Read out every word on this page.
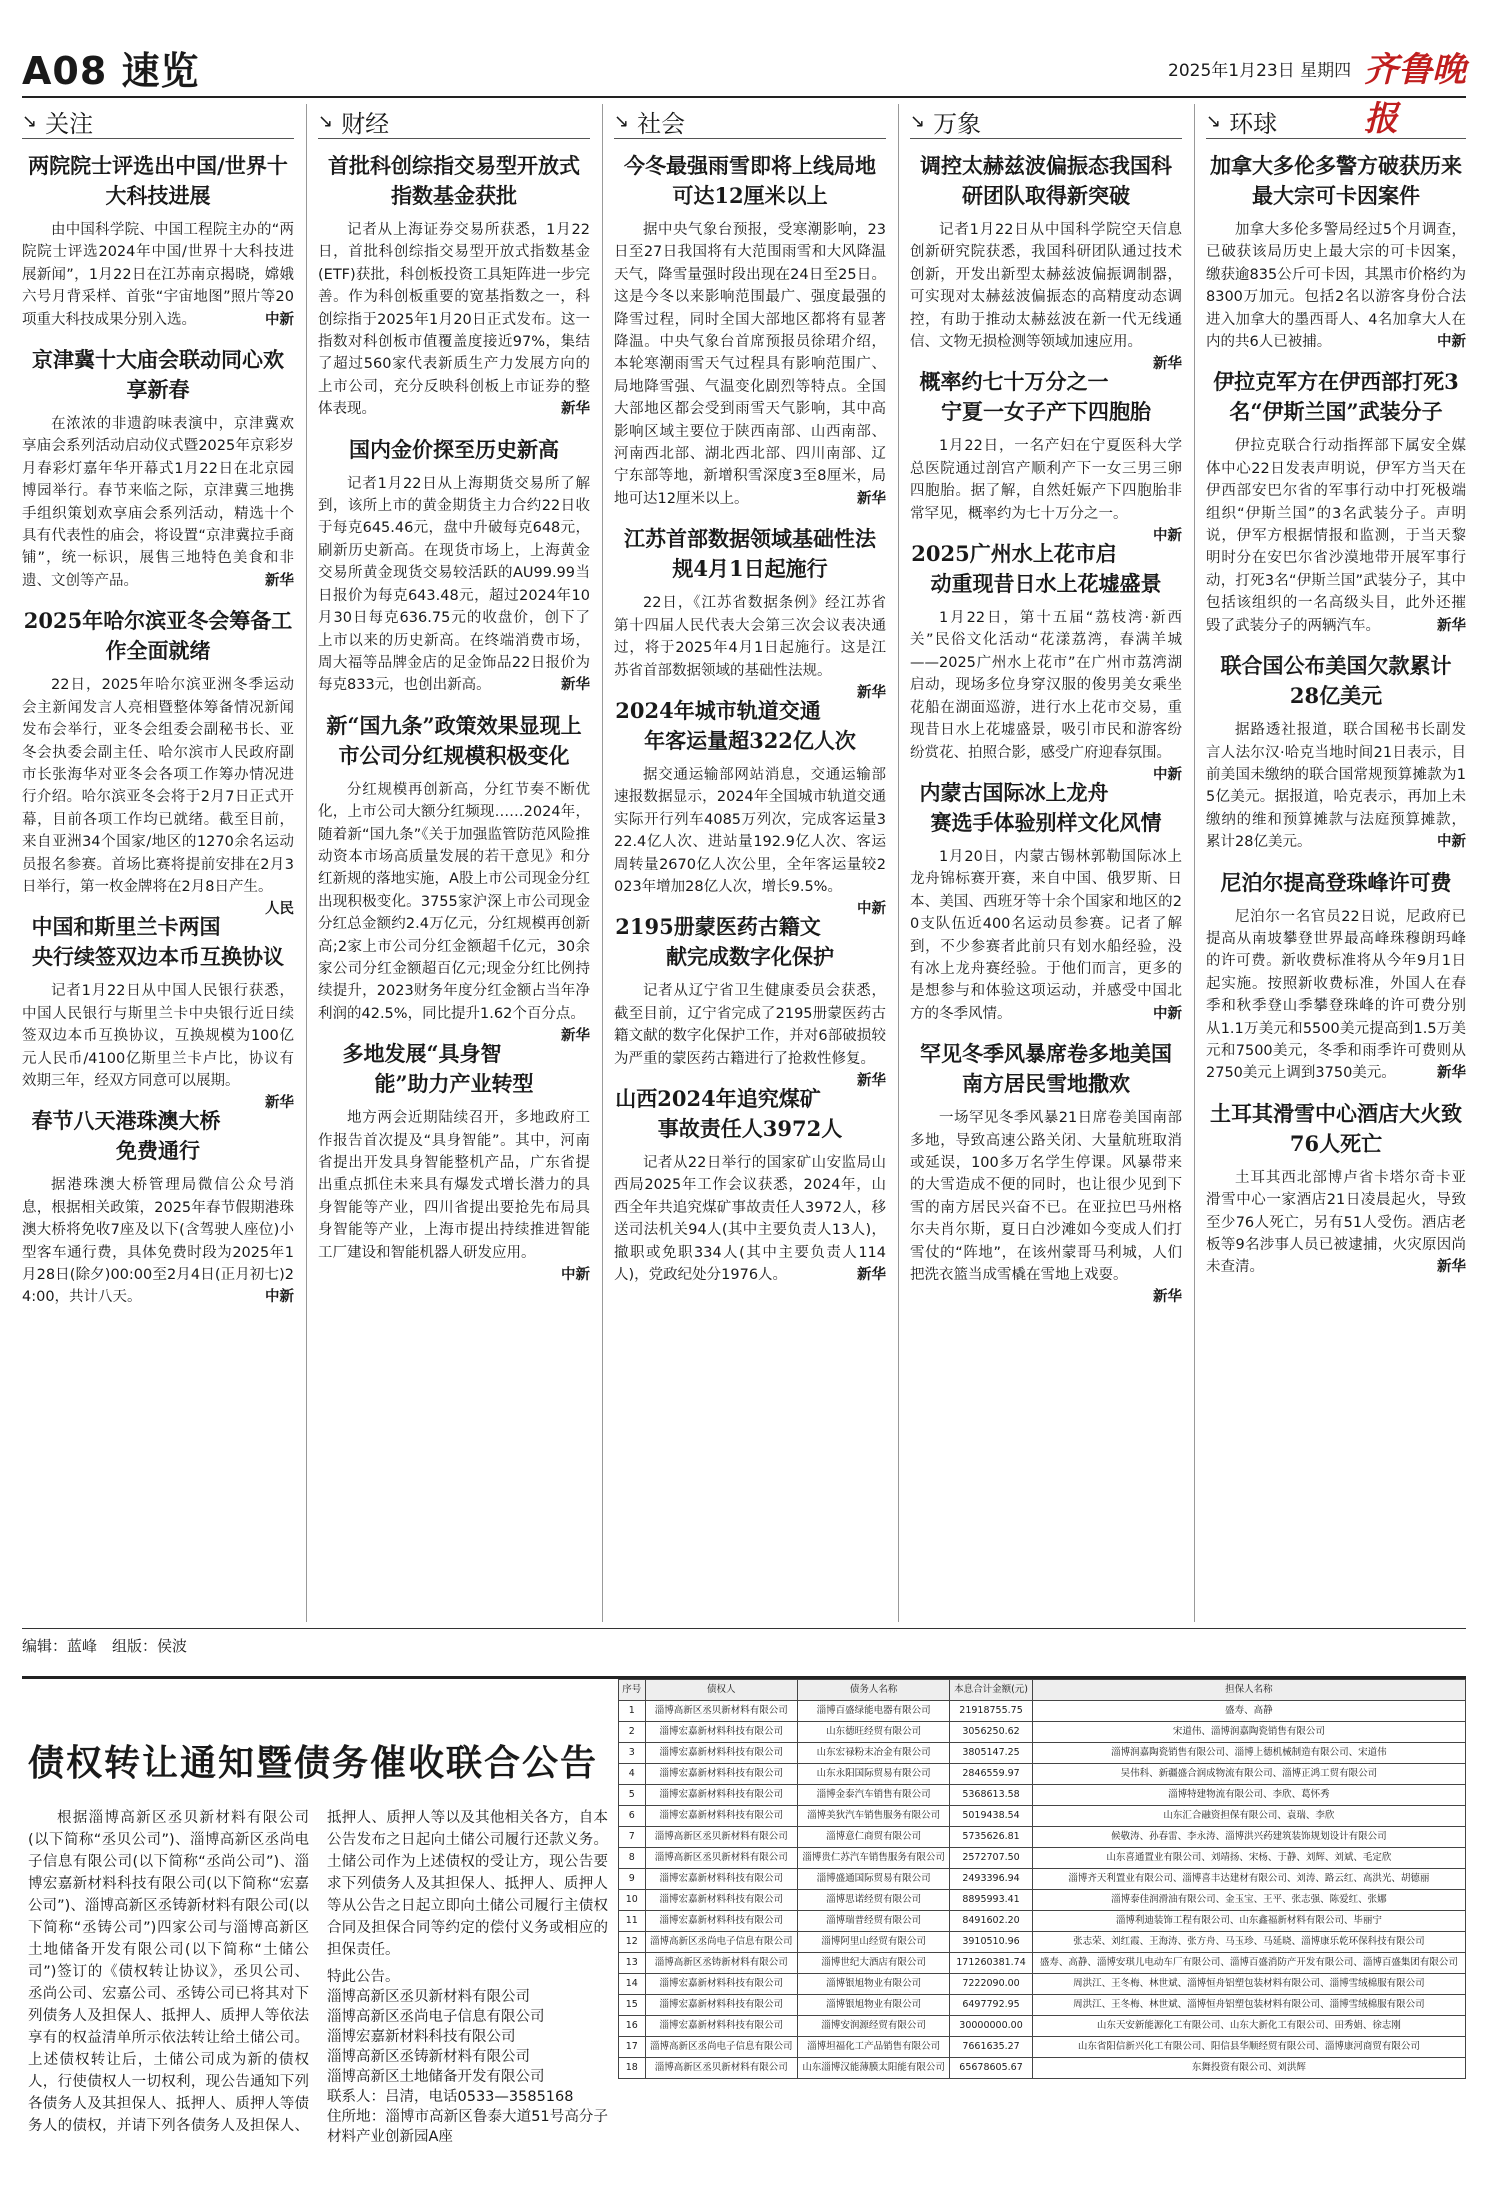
A08 速览	2025年1月23日 星期四 齐鲁晚报
↘ 关注
两院院士评选出中国/世界十大科技进展

由中国科学院、中国工程院主办的“两院院士评选2024年中国/世界十大科技进展新闻”，1月22日在江苏南京揭晓，嫦娥六号月背采样、首张“宇宙地图”照片等20项重大科技成果分别入选。	中新

京津冀十大庙会联动同心欢享新春

在浓浓的非遗韵味表演中，京津冀欢享庙会系列活动启动仪式暨2025年京彩岁月春彩灯嘉年华开幕式1月22日在北京园博园举行。春节来临之际，京津冀三地携手组织策划欢享庙会系列活动，精选十个具有代表性的庙会，将设置“京津冀拉手商铺”，统一标识，展售三地特色美食和非遗、文创等产品。	新华

2025年哈尔滨亚冬会筹备工作全面就绪

22日，2025年哈尔滨亚洲冬季运动会主新闻发言人亮相暨整体筹备情况新闻发布会举行，亚冬会组委会副秘书长、亚冬会执委会副主任、哈尔滨市人民政府副市长张海华对亚冬会各项工作筹办情况进行介绍。哈尔滨亚冬会将于2月7日正式开幕，目前各项工作均已就绪。截至目前，来自亚洲34个国家/地区的1270余名运动员报名参赛。首场比赛将提前安排在2月3日举行，第一枚金牌将在2月8日产生。
人民

中国和斯里兰卡两国央行续签双边本币互换协议

记者1月22日从中国人民银行获悉，中国人民银行与斯里兰卡中央银行近日续签双边本币互换协议，互换规模为100亿元人民币/4100亿斯里兰卡卢比，协议有效期三年，经双方同意可以展期。
新华

春节八天港珠澳大桥免费通行

据港珠澳大桥管理局微信公众号消息，根据相关政策，2025年春节假期港珠澳大桥将免收7座及以下(含驾驶人座位)小型客车通行费，具体免费时段为2025年1月28日(除夕)00:00至2月4日(正月初七)24:00，共计八天。	中新

↘ 财经
首批科创综指交易型开放式指数基金获批

记者从上海证券交易所获悉，1月22日，首批科创综指交易型开放式指数基金(ETF)获批，科创板投资工具矩阵进一步完善。作为科创板重要的宽基指数之一，科创综指于2025年1月20日正式发布。这一指数对科创板市值覆盖度接近97%，集结了超过560家代表新质生产力发展方向的上市公司，充分反映科创板上市证券的整体表现。	新华

国内金价探至历史新高

记者1月22日从上海期货交易所了解到，该所上市的黄金期货主力合约22日收于每克645.46元，盘中升破每克648元，刷新历史新高。在现货市场上，上海黄金交易所黄金现货交易较活跃的AU99.99当日报价为每克643.48元，超过2024年10月30日每克636.75元的收盘价，创下了上市以来的历史新高。在终端消费市场，周大福等品牌金店的足金饰品22日报价为每克833元，也创出新高。	新华

新“国九条”政策效果显现上市公司分红规模积极变化

分红规模再创新高，分红节奏不断优化，上市公司大额分红频现……2024年，随着新“国九条”《关于加强监管防范风险推动资本市场高质量发展的若干意见》和分红新规的落地实施，A股上市公司现金分红出现积极变化。3755家沪深上市公司现金分红总金额约2.4万亿元，分红规模再创新高;2家上市公司分红金额超千亿元，30余家公司分红金额超百亿元;现金分红比例持续提升，2023财务年度分红金额占当年净利润的42.5%，同比提升1.62个百分点。
新华

多地发展“具身智能”助力产业转型

地方两会近期陆续召开，多地政府工作报告首次提及“具身智能”。其中，河南省提出开发具身智能整机产品，广东省提出重点抓住未来具有爆发式增长潜力的具身智能等产业，四川省提出要抢先布局具身智能等产业，上海市提出持续推进智能工厂建设和智能机器人研发应用。
中新

↘ 社会
今冬最强雨雪即将上线局地可达12厘米以上

据中央气象台预报，受寒潮影响，23日至27日我国将有大范围雨雪和大风降温天气，降雪量强时段出现在24日至25日。这是今冬以来影响范围最广、强度最强的降雪过程，同时全国大部地区都将有显著降温。中央气象台首席预报员徐珺介绍，本轮寒潮雨雪天气过程具有影响范围广、局地降雪强、气温变化剧烈等特点。全国大部地区都会受到雨雪天气影响，其中高影响区域主要位于陕西南部、山西南部、河南西北部、湖北西北部、四川南部、辽宁东部等地，新增积雪深度3至8厘米，局地可达12厘米以上。	新华

江苏首部数据领域基础性法规4月1日起施行

22日，《江苏省数据条例》经江苏省第十四届人民代表大会第三次会议表决通过，将于2025年4月1日起施行。这是江苏省首部数据领域的基础性法规。
新华

2024年城市轨道交通年客运量超322亿人次

据交通运输部网站消息，交通运输部速报数据显示，2024年全国城市轨道交通实际开行列车4085万列次，完成客运量322.4亿人次、进站量192.9亿人次、客运周转量2670亿人次公里，全年客运量较2023年增加28亿人次，增长9.5%。
中新

2195册蒙医药古籍文献完成数字化保护

记者从辽宁省卫生健康委员会获悉，截至目前，辽宁省完成了2195册蒙医药古籍文献的数字化保护工作，并对6部破损较为严重的蒙医药古籍进行了抢救性修复。
新华

山西2024年追究煤矿事故责任人3972人

记者从22日举行的国家矿山安监局山西局2025年工作会议获悉，2024年，山西全年共追究煤矿事故责任人3972人，移送司法机关94人(其中主要负责人13人)，撤职或免职334人(其中主要负责人114人)，党政纪处分1976人。	新华

↘ 万象
调控太赫兹波偏振态我国科研团队取得新突破

记者1月22日从中国科学院空天信息创新研究院获悉，我国科研团队通过技术创新，开发出新型太赫兹波偏振调制器，可实现对太赫兹波偏振态的高精度动态调控，有助于推动太赫兹波在新一代无线通信、文物无损检测等领域加速应用。
新华

概率约七十万分之一宁夏一女子产下四胞胎

1月22日，一名产妇在宁夏医科大学总医院通过剖宫产顺利产下一女三男三卵四胞胎。据了解，自然妊娠产下四胞胎非常罕见，概率约为七十万分之一。
中新

2025广州水上花市启动重现昔日水上花墟盛景

1月22日，第十五届“荔枝湾·新西关”民俗文化活动“花漾荔湾，春满羊城——2025广州水上花市”在广州市荔湾湖启动，现场多位身穿汉服的俊男美女乘坐花船在湖面巡游，进行水上花市交易，重现昔日水上花墟盛景，吸引市民和游客纷纷赏花、拍照合影，感受广府迎春氛围。
中新

内蒙古国际冰上龙舟赛选手体验别样文化风情

1月20日，内蒙古锡林郭勒国际冰上龙舟锦标赛开赛，来自中国、俄罗斯、日本、美国、西班牙等十余个国家和地区的20支队伍近400名运动员参赛。记者了解到，不少参赛者此前只有划水船经验，没有冰上龙舟赛经验。于他们而言，更多的是想参与和体验这项运动，并感受中国北方的冬季风情。	中新

罕见冬季风暴席卷多地美国南方居民雪地撒欢

一场罕见冬季风暴21日席卷美国南部多地，导致高速公路关闭、大量航班取消或延误，100多万名学生停课。风暴带来的大雪造成不便的同时，也让很少见到下雪的南方居民兴奋不已。在亚拉巴马州格尔夫肖尔斯，夏日白沙滩如今变成人们打雪仗的“阵地”，在该州蒙哥马利城，人们把洗衣篮当成雪橇在雪地上戏耍。
新华

↘ 环球
加拿大多伦多警方破获历来最大宗可卡因案件

加拿大多伦多警局经过5个月调查，已破获该局历史上最大宗的可卡因案，缴获逾835公斤可卡因，其黑市价格约为8300万加元。包括2名以游客身份合法进入加拿大的墨西哥人、4名加拿大人在内的共6人已被捕。	中新

伊拉克军方在伊西部打死3名“伊斯兰国”武装分子

伊拉克联合行动指挥部下属安全媒体中心22日发表声明说，伊军方当天在伊西部安巴尔省的军事行动中打死极端组织“伊斯兰国”的3名武装分子。声明说，伊军方根据情报和监测，于当天黎明时分在安巴尔省沙漠地带开展军事行动，打死3名“伊斯兰国”武装分子，其中包括该组织的一名高级头目，此外还摧毁了武装分子的两辆汽车。	新华

联合国公布美国欠款累计28亿美元

据路透社报道，联合国秘书长副发言人法尔汉·哈克当地时间21日表示，目前美国未缴纳的联合国常规预算摊款为15亿美元。据报道，哈克表示，再加上未缴纳的维和预算摊款与法庭预算摊款，累计28亿美元。	中新

尼泊尔提高登珠峰许可费

尼泊尔一名官员22日说，尼政府已提高从南坡攀登世界最高峰珠穆朗玛峰的许可费。新收费标准将从今年9月1日起实施。按照新收费标准，外国人在春季和秋季登山季攀登珠峰的许可费分别从1.1万美元和5500美元提高到1.5万美元和7500美元，冬季和雨季许可费则从2750美元上调到3750美元。	新华

土耳其滑雪中心酒店大火致76人死亡

土耳其西北部博卢省卡塔尔奇卡亚滑雪中心一家酒店21日凌晨起火，导致至少76人死亡，另有51人受伤。酒店老板等9名涉事人员已被逮捕，火灾原因尚未查清。	新华

编辑：蓝峰　组版：侯波
债权转让通知暨债务催收联合公告

根据淄博高新区丞贝新材料有限公司(以下简称“丞贝公司”)、淄博高新区丞尚电子信息有限公司(以下简称“丞尚公司”)、淄博宏嘉新材料科技有限公司(以下简称“宏嘉公司”)、淄博高新区丞铸新材料有限公司(以下简称“丞铸公司”)四家公司与淄博高新区土地储备开发有限公司(以下简称“土储公司”)签订的《债权转让协议》，丞贝公司、丞尚公司、宏嘉公司、丞铸公司已将其对下列债务人及担保人、抵押人、质押人等依法享有的权益清单所示依法转让给土储公司。上述债权转让后，土储公司成为新的债权人，行使债权人一切权利，现公告通知下列各债务人及其担保人、抵押人、质押人等债务人的债权，并请下列各债务人及担保人、抵押人、质押人等以及其他相关各方，自本公告发布之日起向土储公司履行还款义务。土储公司作为上述债权的受让方，现公告要求下列债务人及其担保人、抵押人、质押人等从公告之日起立即向土储公司履行主债权合同及担保合同等约定的偿付义务或相应的担保责任。

特此公告。
淄博高新区丞贝新材料有限公司
淄博高新区丞尚电子信息有限公司
淄博宏嘉新材料科技有限公司
淄博高新区丞铸新材料有限公司
淄博高新区土地储备开发有限公司
联系人：吕清，电话0533—3585168
住所地：淄博市高新区鲁泰大道51号高分子材料产业创新园A座
序号	债权人	债务人名称	本息合计金额(元)	担保人名称
1	淄博高新区丞贝新材料有限公司	淄博百盛绿能电器有限公司	21918755.75	盛寿、高静
2	淄博宏嘉新材料科技有限公司	山东德旺经贸有限公司	3056250.62	宋道伟、淄博润嘉陶瓷销售有限公司
3	淄博宏嘉新材料科技有限公司	山东宏禄粉末冶金有限公司	3805147.25	淄博润嘉陶瓷销售有限公司、淄博上德机械制造有限公司、宋道伟
4	淄博宏嘉新材料科技有限公司	山东永阳国际贸易有限公司	2846559.97	吴伟科、新疆盛合润成物流有限公司、淄博正鸿工贸有限公司
5	淄博宏嘉新材料科技有限公司	淄博金泰汽车销售有限公司	5368613.58	淄博特建物流有限公司、李欣、葛怀秀
6	淄博宏嘉新材料科技有限公司	淄博美狄汽车销售服务有限公司	5019438.54	山东汇合融资担保有限公司、袁瑞、李欣
7	淄博高新区丞贝新材料有限公司	淄博意仁商贸有限公司	5735626.81	候敬涛、孙春雷、李永涛、淄博洪兴药建筑装饰规划设计有限公司
8	淄博高新区丞贝新材料有限公司	淄博贵仁苏汽车销售服务有限公司	2572707.50	山东喜通置业有限公司、刘靖扬、宋杨、于静、刘辉、刘斌、毛定欣
9	淄博宏嘉新材料科技有限公司	淄博盛通国际贸易有限公司	2493396.94	淄博齐天利置业有限公司、淄博喜丰达建材有限公司、刘涛、路云红、高洪光、胡德丽
10	淄博宏嘉新材料科技有限公司	淄博思诺经贸有限公司	8895993.41	淄博泰佳润滑油有限公司、金玉宝、王平、张志强、陈爱红、张娜
11	淄博宏嘉新材料科技有限公司	淄博瑞普经贸有限公司	8491602.20	淄博利迪装饰工程有限公司、山东鑫福新材料有限公司、毕丽宁
12	淄博高新区丞尚电子信息有限公司	淄博阿里山经贸有限公司	3910510.96	张志荣、刘红霞、王海涛、张方舟、马玉珍、马延晓、淄博康乐乾环保科技有限公司
13	淄博高新区丞铸新材料有限公司	淄博世纪大酒店有限公司	171260381.74	盛寿、高静、淄博安琪儿电动车厂有限公司、淄博百盛消防产开发有限公司、淄博百盛集团有限公司
14	淄博宏嘉新材料科技有限公司	淄博银旭物业有限公司	7222090.00	周洪江、王冬梅、林世斌、淄博恒舟铝塑包装材料有限公司、淄博雪绒棉服有限公司
15	淄博宏嘉新材料科技有限公司	淄博银旭物业有限公司	6497792.95	周洪江、王冬梅、林世斌、淄博恒舟铝塑包装材料有限公司、淄博雪绒棉服有限公司
16	淄博宏嘉新材料科技有限公司	淄博安润源经贸有限公司	30000000.00	山东天安新能源化工有限公司、山东大新化工有限公司、田秀娟、徐志刚
17	淄博高新区丞尚电子信息有限公司	淄博坦福化工产品销售有限公司	7661635.27	山东省阳信新兴化工有限公司、阳信县华顺经贸有限公司、淄博康河商贸有限公司
18	淄博高新区丞贝新材料有限公司	山东淄博汉能薄膜太阳能有限公司	65678605.67	东舞投资有限公司、刘洪辉
